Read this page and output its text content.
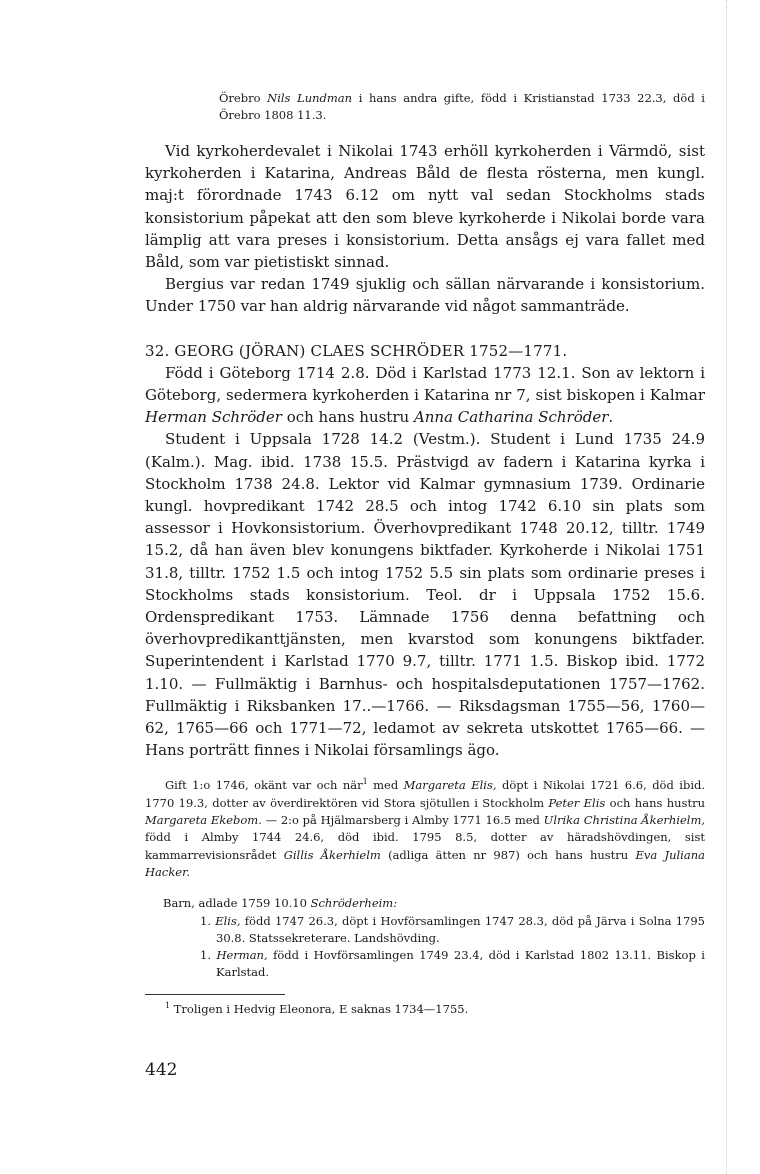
Örebro Nils Lundman i hans andra gifte, född i Kristianstad 1733 22.3, död i Örebro 1808 11.3.

Vid kyrkoherdevalet i Nikolai 1743 erhöll kyrkoherden i Värmdö, sist kyrkoherden i Katarina, Andreas Båld de flesta rösterna, men kungl. maj:t förordnade 1743 6.12 om nytt val sedan Stockholms stads konsistorium påpekat att den som bleve kyrkoherde i Nikolai borde vara lämplig att vara preses i konsistorium. Detta ansågs ej vara fallet med Båld, som var pietistiskt sinnad.

Bergius var redan 1749 sjuklig och sällan närvarande i konsistorium. Under 1750 var han aldrig närvarande vid något sammanträde.

32. GEORG (JÖRAN) CLAES SCHRÖDER 1752—1771.

Född i Göteborg 1714 2.8. Död i Karlstad 1773 12.1. Son av lektorn i Göteborg, sedermera kyrkoherden i Katarina nr 7, sist biskopen i Kalmar Herman Schröder och hans hustru Anna Catharina Schröder.

Student i Uppsala 1728 14.2 (Vestm.). Student i Lund 1735 24.9 (Kalm.). Mag. ibid. 1738 15.5. Prästvigd av fadern i Katarina kyrka i Stockholm 1738 24.8. Lektor vid Kalmar gymnasium 1739. Ordinarie kungl. hovpredikant 1742 28.5 och intog 1742 6.10 sin plats som assessor i Hovkonsistorium. Överhovpredikant 1748 20.12, tilltr. 1749 15.2, då han även blev konungens biktfader. Kyrkoherde i Nikolai 1751 31.8, tilltr. 1752 1.5 och intog 1752 5.5 sin plats som ordinarie preses i Stockholms stads konsistorium. Teol. dr i Uppsala 1752 15.6. Ordenspredikant 1753. Lämnade 1756 denna befattning och överhovpredikanttjänsten, men kvarstod som konungens biktfader. Superintendent i Karlstad 1770 9.7, tilltr. 1771 1.5. Biskop ibid. 1772 1.10. — Fullmäktig i Barnhus- och hospitalsdeputationen 1757—1762. Fullmäktig i Riksbanken 17..—1766. — Riksdagsman 1755—56, 1760—62, 1765—66 och 1771—72, ledamot av sekreta utskottet 1765—66. — Hans porträtt finnes i Nikolai församlings ägo.

Gift 1:o 1746, okänt var och när$^1$ med Margareta Elis, döpt i Nikolai 1721 6.6, död ibid. 1770 19.3, dotter av överdirektören vid Stora sjötullen i Stockholm Peter Elis och hans hustru Margareta Ekebom. — 2:o på Hjälmarsberg i Almby 1771 16.5 med Ulrika Christina Åkerhielm, född i Almby 1744 24.6, död ibid. 1795 8.5, dotter av häradshövdingen, sist kammarrevisionsrådet Gillis Åkerhielm (adliga ätten nr 987) och hans hustru Eva Juliana Hacker.

Barn, adlade 1759 10.10 Schröderheim:

1. Elis, född 1747 26.3, döpt i Hovförsamlingen 1747 28.3, död på Järva i Solna 1795 30.8. Statssekreterare. Landshövding.

1. Herman, född i Hovförsamlingen 1749 23.4, död i Karlstad 1802 13.11. Biskop i Karlstad.

$^1$ Troligen i Hedvig Eleonora, E saknas 1734—1755.

442
